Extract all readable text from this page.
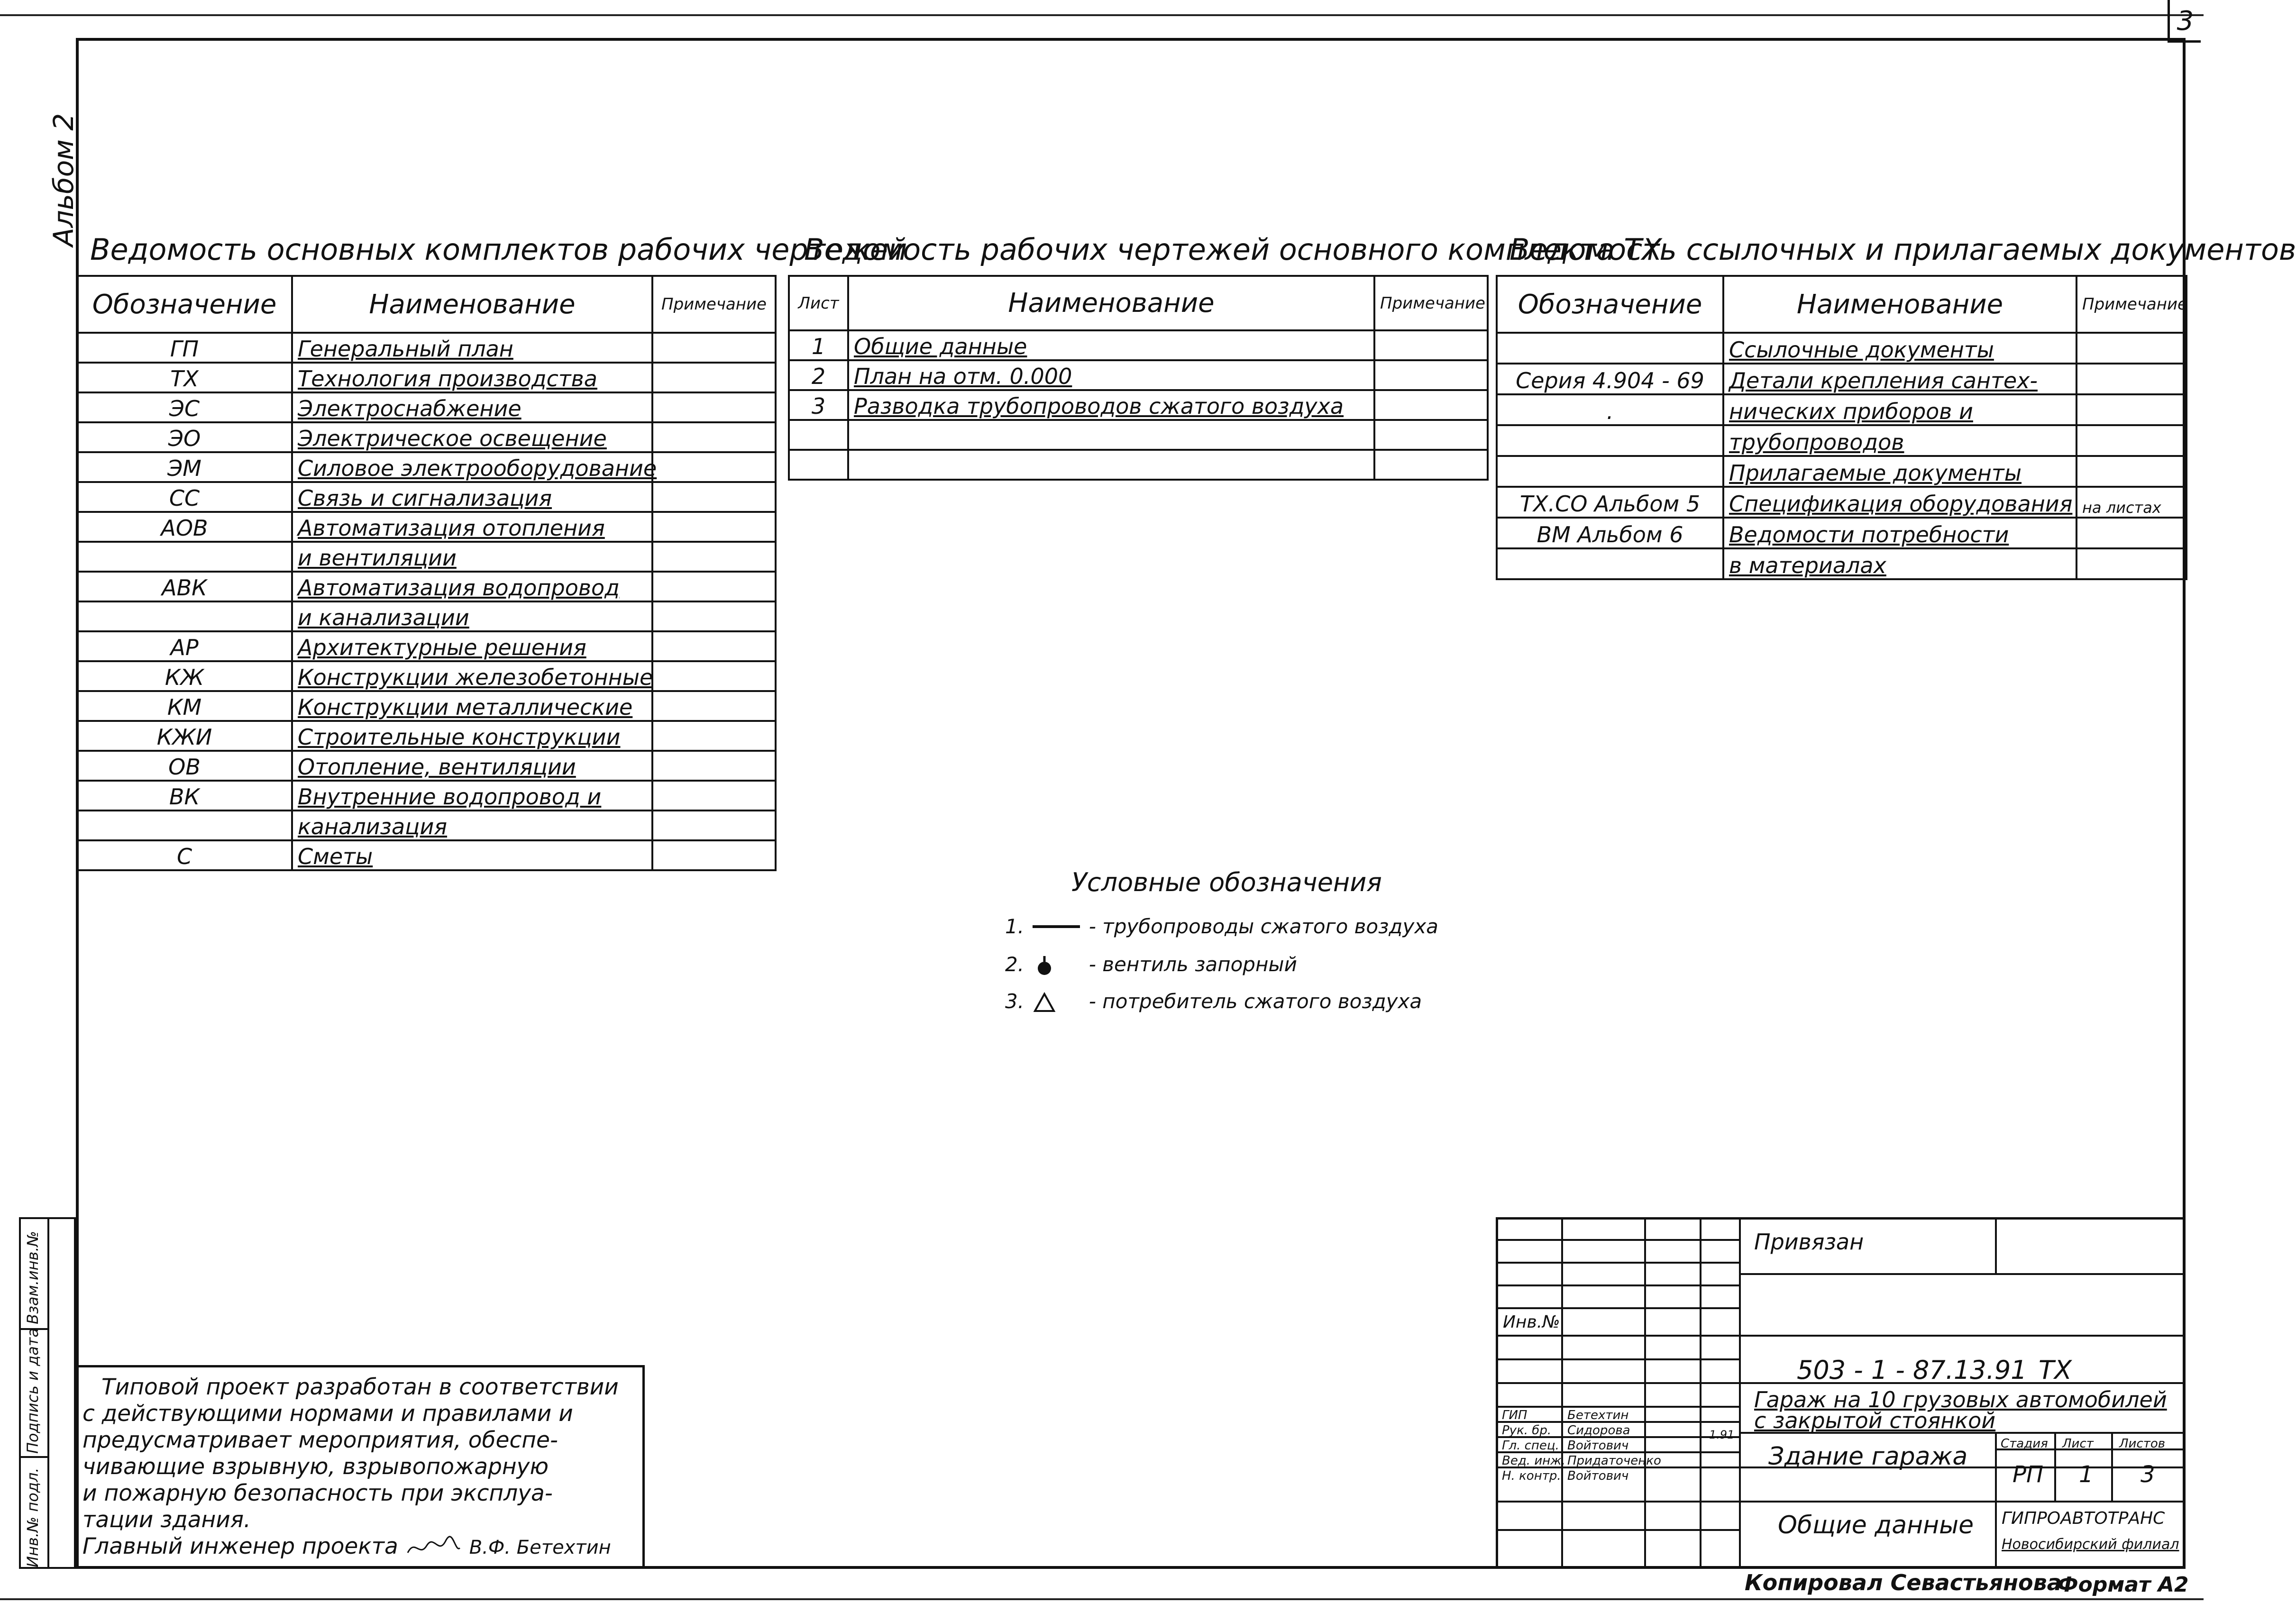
3
Альбом 2
Ведомость основных комплектов рабочих чертежей
Обозначение	Наименование	Примечание
ГП	Генеральный план	
ТХ	Технология производства	
ЭС	Электроснабжение	
ЭО	Электрическое освещение	
ЭМ	Силовое электрооборудование	
СС	Связь и сигнализация	
АОВ	Автоматизация отопления	
	и вентиляции	
АВК	Автоматизация водопровод	
	и канализации	
АР	Архитектурные решения	
КЖ	Конструкции железобетонные	
КМ	Конструкции металлические	
КЖИ	Строительные конструкции	
ОВ	Отопление, вентиляции	
ВК	Внутренние водопровод и	
	канализация	
С	Сметы	
Ведомость рабочих чертежей основного комплекта ТХ
Лист	Наименование	Примечание
1	Общие данные	
2	План на отм. 0.000	
3	Разводка трубопроводов сжатого воздуха	

Ведомость ссылочных и прилагаемых документов
Обозначение	Наименование	Примечание
	Ссылочные документы	
Серия 4.904 - 69	Детали крепления сантех-	
.	нических приборов и	
	трубопроводов	
	Прилагаемые документы	
ТХ.СО Альбом 5	Спецификация оборудования	на листах
ВМ Альбом 6	Ведомости потребности	
	в материалах	
Условные обозначения
1.	- трубопроводы сжатого воздуха
2.	- вентиль запорный
3.	- потребитель сжатого воздуха
Инв.№ подл.
Подпись и дата
Взам.инв.№
Типовой проект разработан в соответствии
с действующими нормами и правилами и
предусматривает мероприятия, обеспе-
чивающие взрывную, взрывопожарную
и пожарную безопасность при эксплуа-
тации здания.
Главный инженер проекта	В.Ф. Бетехтин
Привязан
Инв.№
ГИП	Бетехтин
Рук. бр. Сидорова
Гл. спец. Войтович
Вед. инж. Придаточенко
Н. контр. Войтович
1.91
503 - 1 - 87.13.91 ТХ
Гараж на 10 грузовых автомобилей с закрытой стоянкой
Здание гаража
Общие данные
Стадия Лист Листов
РП 1 3
ГИПРОАВТОТРАНС
Новосибирский филиал
Копировал Севастьянова
Формат А2
